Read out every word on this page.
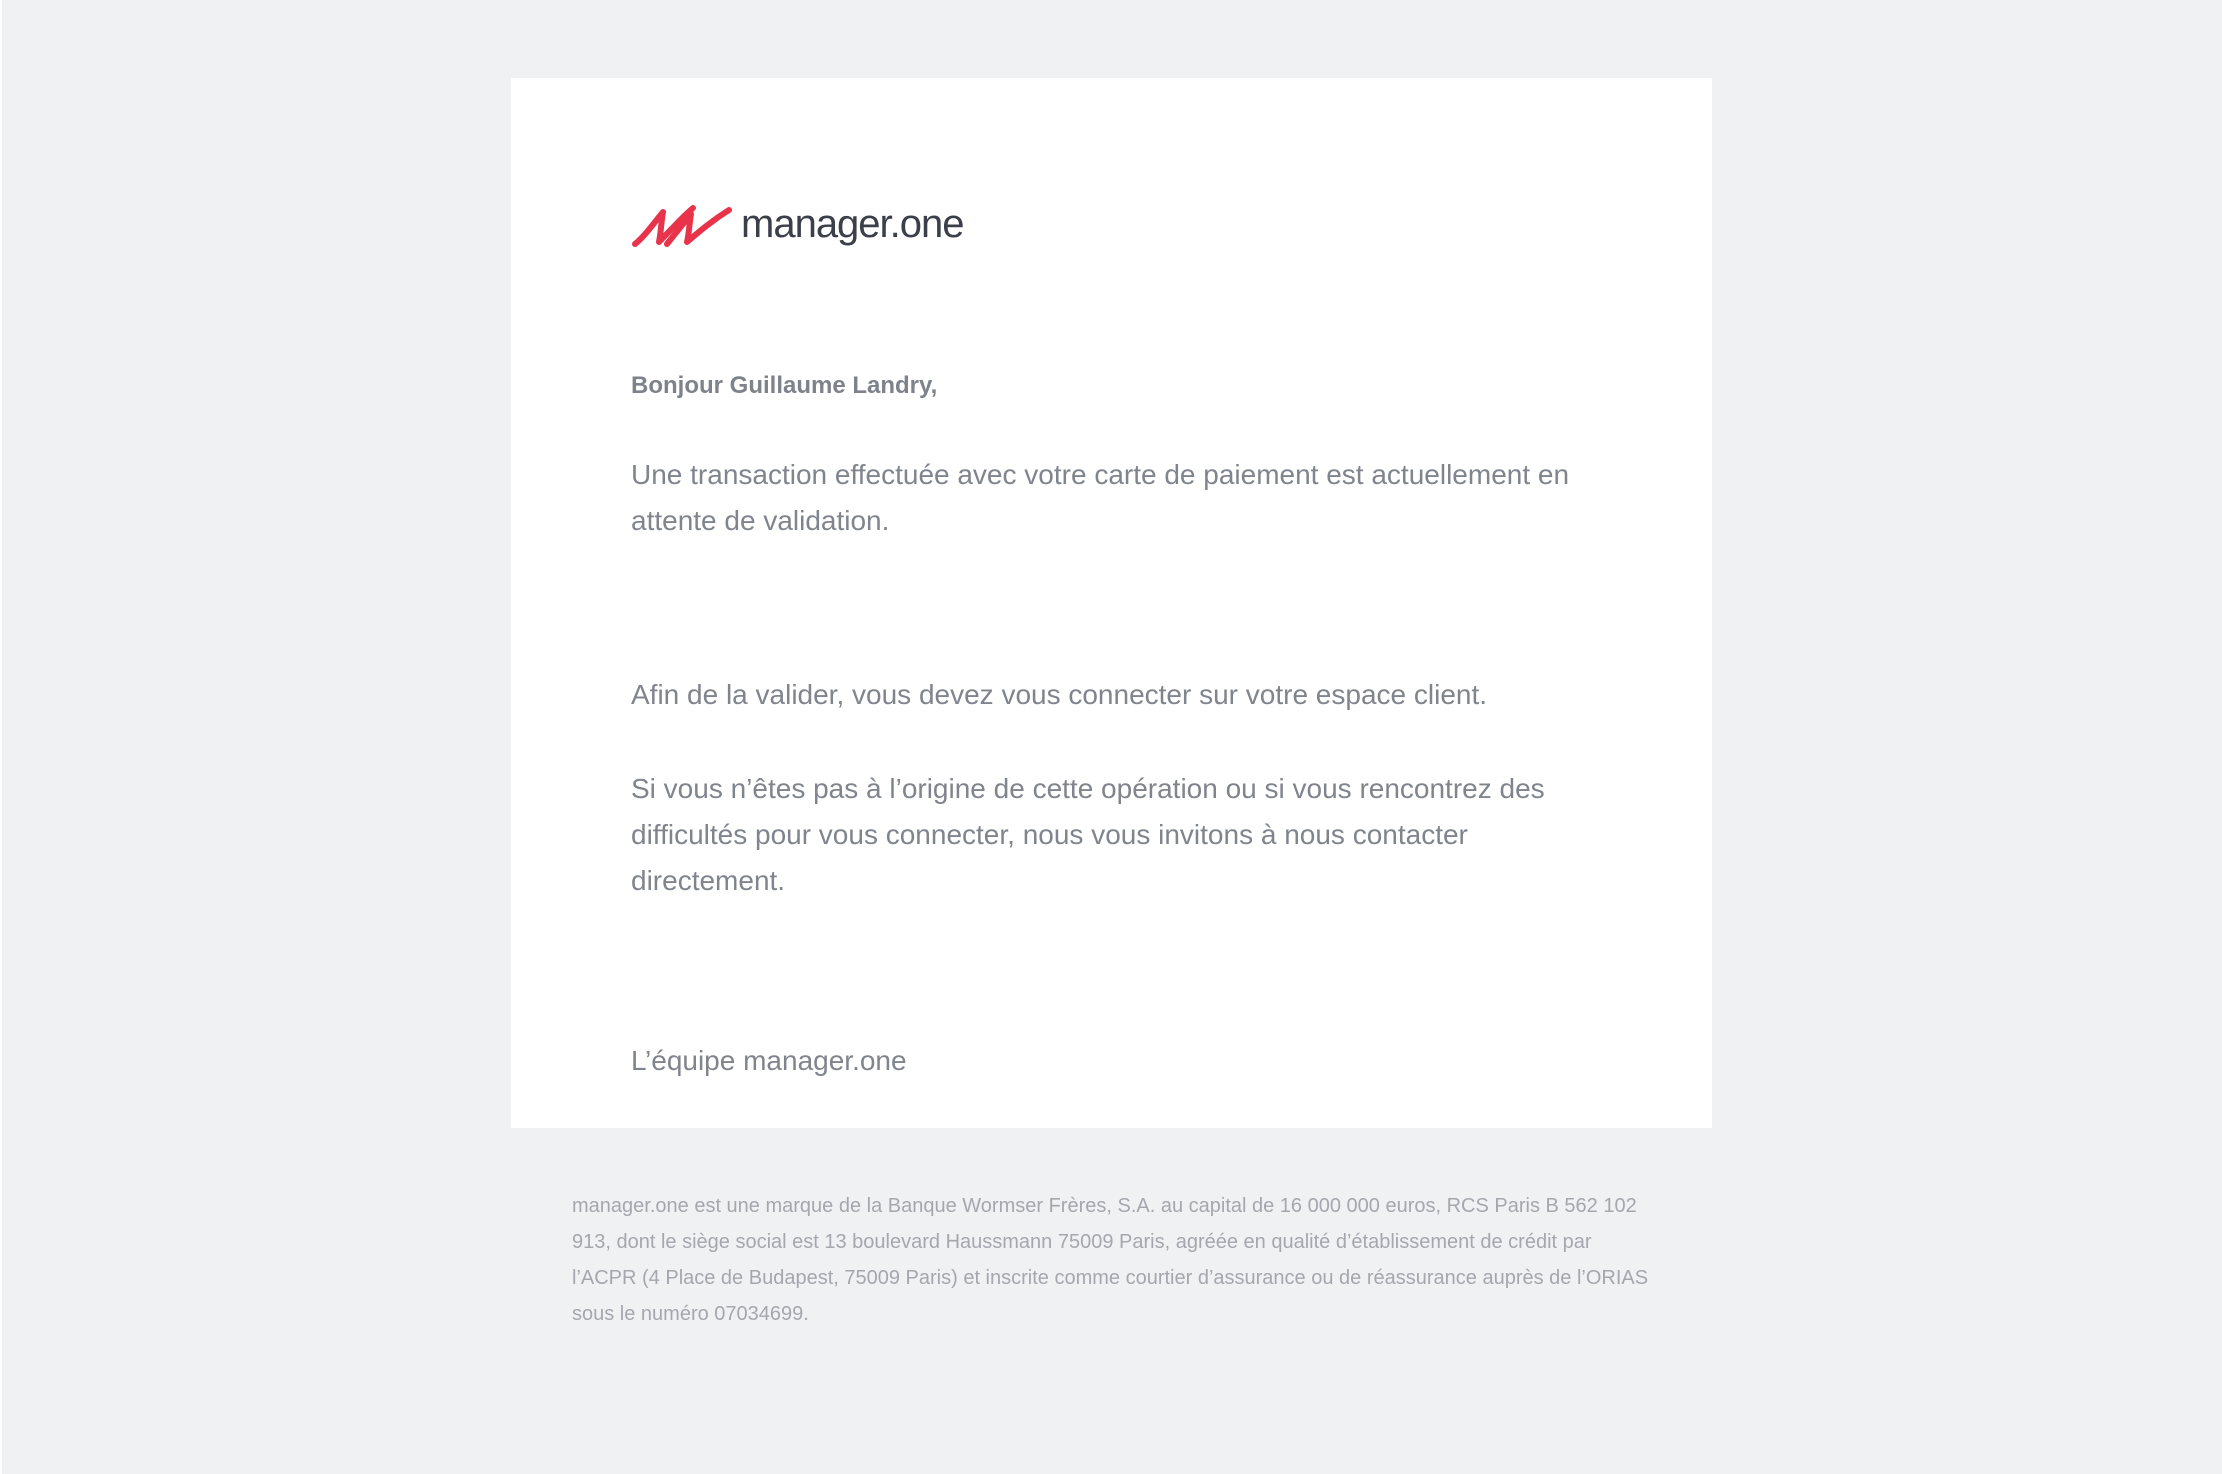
manager.one

Bonjour Guillaume Landry,

Une transaction effectuée avec votre carte de paiement est actuellement en attente de validation.

Afin de la valider, vous devez vous connecter sur votre espace client.

Si vous n’êtes pas à l’origine de cette opération ou si vous rencontrez des difficultés pour vous connecter, nous vous invitons à nous contacter directement.

L’équipe manager.one

manager.one est une marque de la Banque Wormser Frères, S.A. au capital de 16 000 000 euros, RCS Paris B 562 102 913, dont le siège social est 13 boulevard Haussmann 75009 Paris, agréée en qualité d’établissement de crédit par l’ACPR (4 Place de Budapest, 75009 Paris) et inscrite comme courtier d’assurance ou de réassurance auprès de l’ORIAS sous le numéro 07034699.
